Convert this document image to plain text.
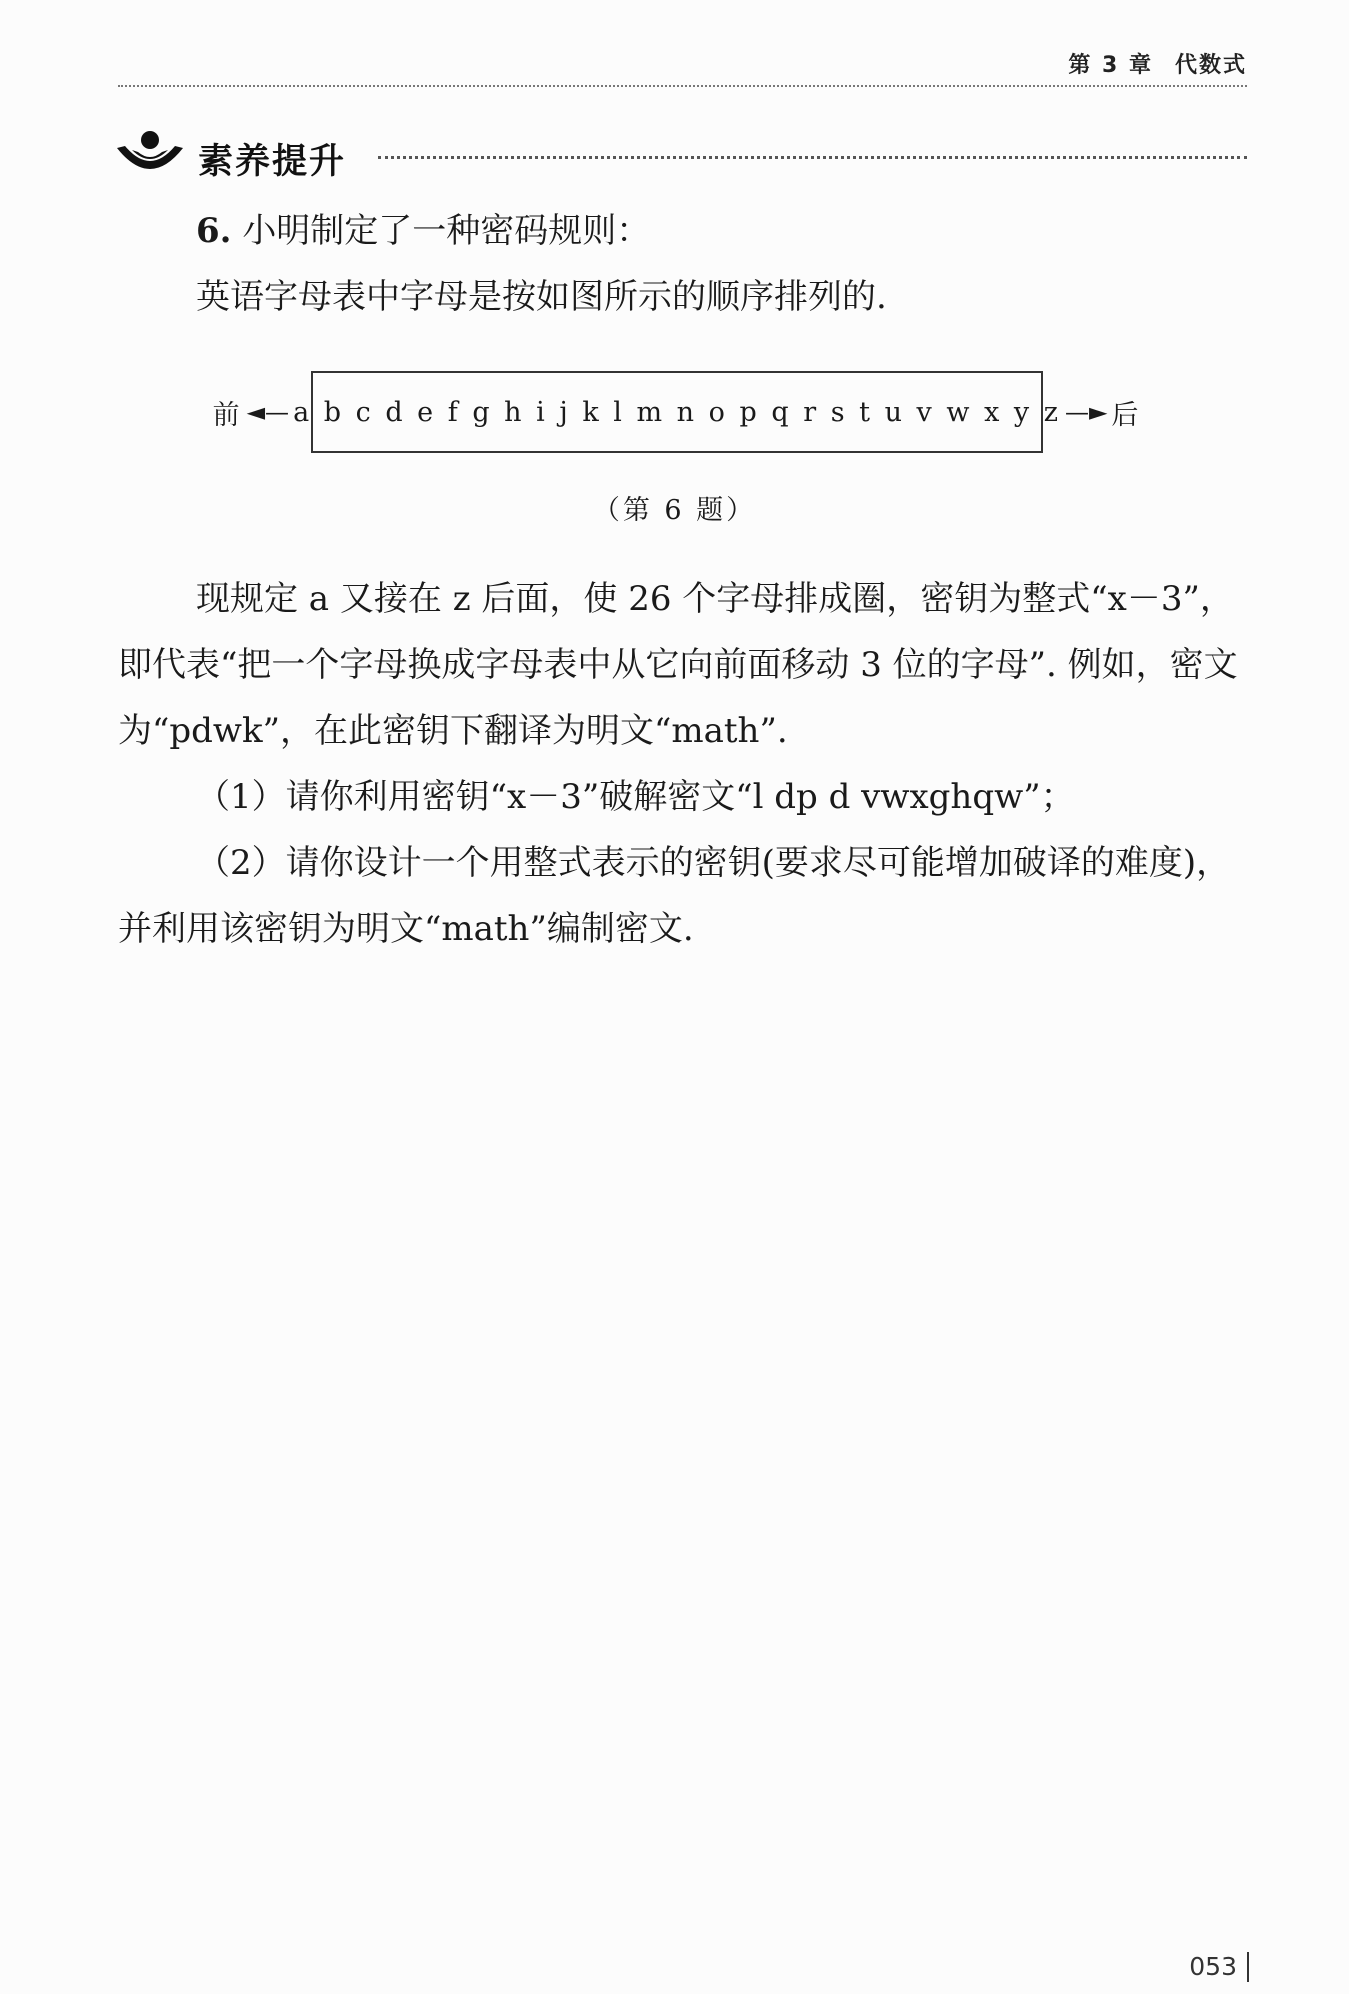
第 3 章 代数式
素养提升

6. 小明制定了一种密码规则：

英语字母表中字母是按如图所示的顺序排列的.

前 ◄— a b c d e f g h i j k l m n o p q r s t u v w x y z —► 后
（第 6 题）

现规定 a 又接在 z 后面，使 26 个字母排成圈，密钥为整式“x－3”，即代表“把一个字母换成字母表中从它向前面移动 3 位的字母”. 例如，密文为“pdwk”，在此密钥下翻译为明文“math”.

（1）请你利用密钥“x－3”破解密文“l dp d vwxghqw”；

（2）请你设计一个用整式表示的密钥(要求尽可能增加破译的难度)，并利用该密钥为明文“math”编制密文.

053
